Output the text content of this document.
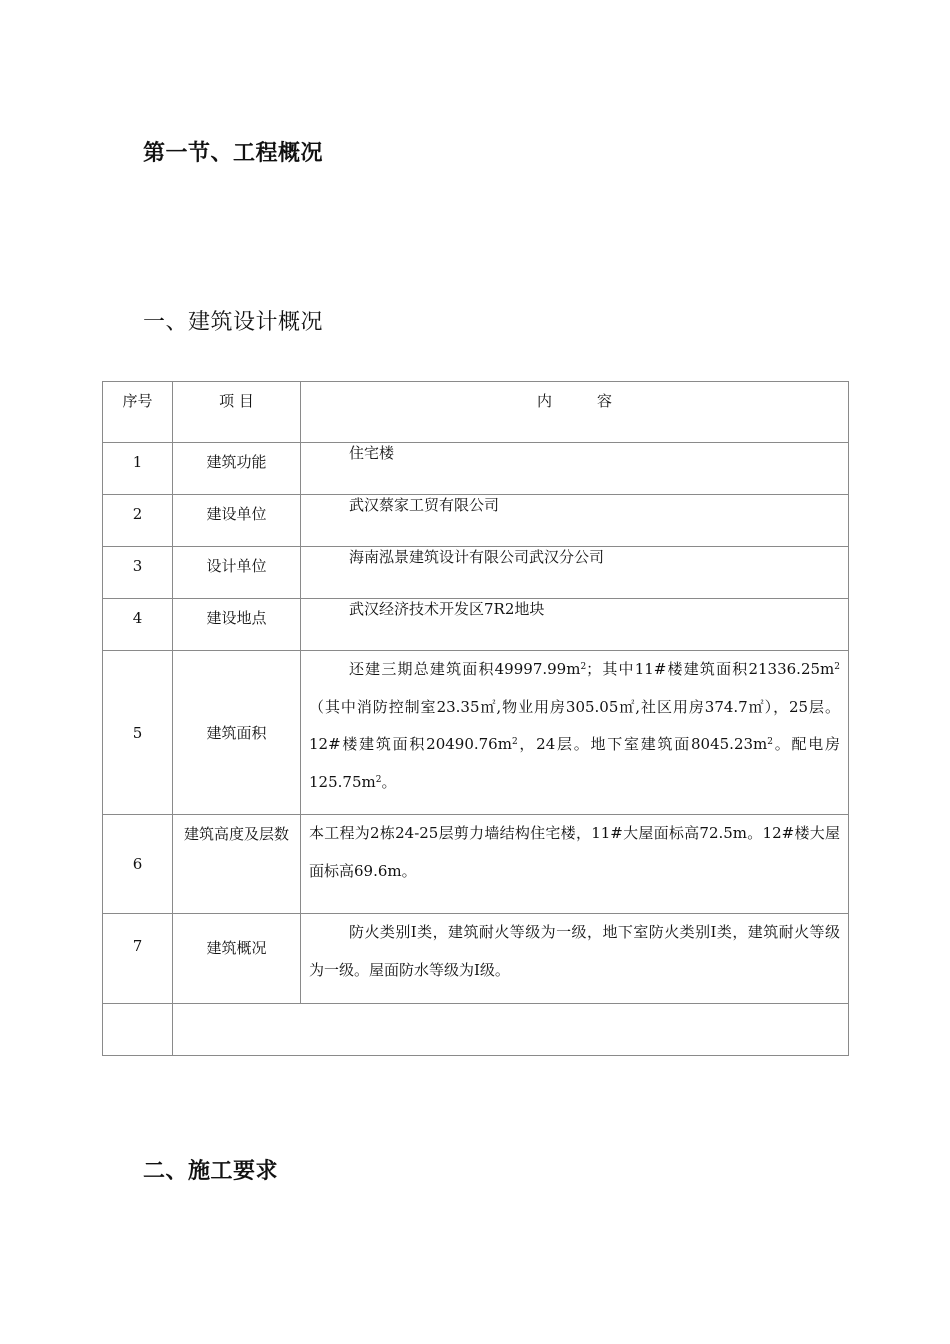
第一节、工程概况
一、建筑设计概况
序号	项 目	内　　　容

1	建筑功能	住宅楼

2	建设单位	武汉蔡家工贸有限公司

3	设计单位	海南泓景建筑设计有限公司武汉分公司

4	建设地点	武汉经济技术开发区7R2地块

5	建筑面积	还建三期总建筑面积$49997.99m^2$；其中11#楼建筑面积$21336.25m^2$（其中消防控制室23.35㎡,物业用房305.05㎡,社区用房374.7㎡），25层。12#楼建筑面积$20490.76m^2$，24层。地下室建筑面$8045.23m^2$。配电房$125.75m^2$。

6	建筑高度及层数	本工程为2栋24-25层剪力墙结构住宅楼，11#大屋面标高72.5m。12#楼大屋面标高69.6m。

7	建筑概况	防火类别Ⅰ类，建筑耐火等级为一级，地下室防火类别Ⅰ类，建筑耐火等级为一级。屋面防水等级为Ⅰ级。

二、施工要求
